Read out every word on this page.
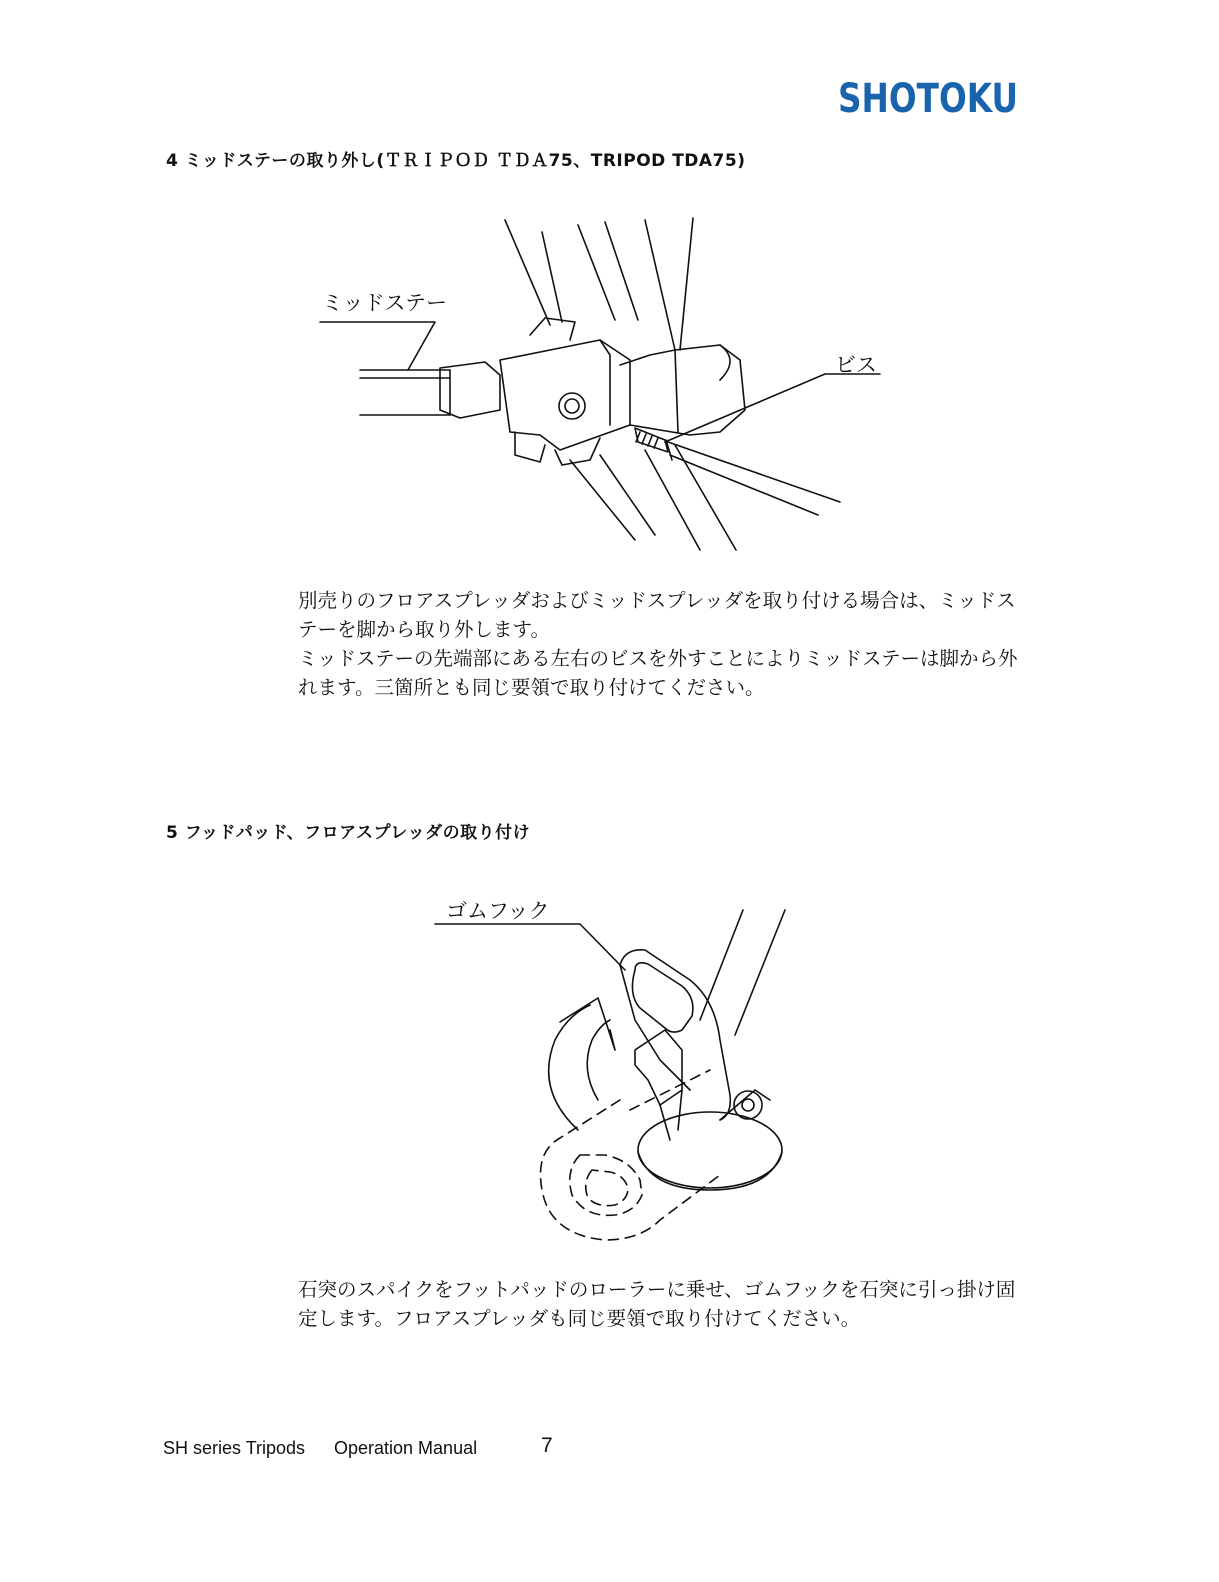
SHOTOKU
4 ミッドステーの取り外し(ＴＲＩＰＯＤ ＴＤＡ75、TRIPOD TDA75)
ミッドステー
ビス

別売りのフロアスプレッダおよびミッドスプレッダを取り付ける場合は、ミッドステーを脚から取り外します。

ミッドステーの先端部にある左右のビスを外すことによりミッドステーは脚から外れます。三箇所とも同じ要領で取り付けてください。

5 フッドパッド、フロアスプレッダの取り付け
ゴムフック

石突のスパイクをフットパッドのローラーに乗せ、ゴムフックを石突に引っ掛け固定します。フロアスプレッダも同じ要領で取り付けてください。

SH series Tripods Operation Manual	7
